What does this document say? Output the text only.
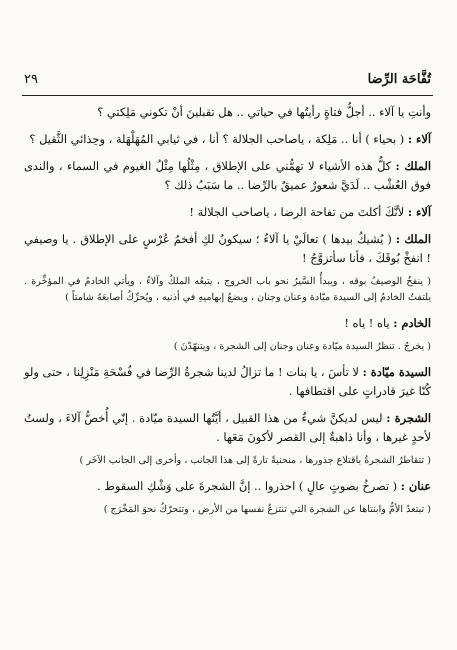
٢٩	تُفَّاحَة الرِّضا

وأنتِ يا آلاء .. أجلُّ فتاةٍ رأيتُها في حياتي .. هل تقبلينَ أنْ تكوني مَلِكتي ؟

آلاء : ( بحياء ) أنا .. مَلِكة ، ياصاحب الجلالة ؟ أنا ، في ثيابي المُهَلْهَلة ، وحِذائي الثَّقيل ؟

الملك : كلُّ هذه الأشياء لا تهمُّني على الإطلاق ، مِثْلُها مِثْلُ الغيوم في السماء ، والندى فوق العُشْب .. لَدَيَّ شعورٌ عميقٌ بالرِّضا .. ما سَبَبُ ذلك ؟

آلاء : لأنَّكَ أكلتَ من تفاحة الرضا ، ياصاحب الجلالة !

الملك : ( يُشيكُ بيدها ) تعالَيْ يا آلاءُ ؛ سيكونُ لكِ أفخمُ عُرْسٍ على الإطلاق . يا وصيفي ! انفخْ بُوقَكَ ، فأنا سأتزوَّجُ !

( ينفخُ الوصيفُ بوقه ، ويبدأُ السَّيرُ نحو باب الخروج ، يتبعُه الملكُ وآلاءُ ، ويأتي الخادمُ في المؤخِّرة . يلتفتُ الخادمُ إلى السيدة ميّادة وعنان وجنان ، ويضعُ إبهاميهِ في أذنيه ، ويُحرِّكُ أصابعَهُ شامتاً )

الخادم : ياه ! ياه !

( يخرجُ . تنظرُ السيدة ميّادة وعنان وجنان إلى الشجرة ، ويتنهّدْنَ )

السيدة ميّادة : لا تأسَ ، يا بنات ! ما تزالُ لدينا شجرةُ الرِّضا في فُسْحَةِ مَنْزِلِنا ، حتى ولو كُنّا غيرَ قادراتٍ على اقتطافها .

الشجرة : ليس لديكنَّ شيءٌ من هذا القبيل ، أيَّتُها السيدة ميّادة . إنّي أُخصُّ آلاءَ ، ولستُ لأحدٍ غيرها ، وأنا ذاهبةٌ إلى القصر لأكونَ مَعَها .

( تتقاطرُ الشجرةُ باقتلاع جذورها ، منحنيةً تارةً إلى هذا الجانب ، وأخرى إلى الجانب الآخَر )

عنان : ( تصرخُ بصوتٍ عالٍ ) احذروا .. إنَّ الشجرةَ على وَشْكِ السقوط .

( تبتعدُ الأمُّ وابنتاها عن الشجرة التي تنتزعُ نفسها من الأرض ، وتتحرّكُ نحوَ المَخْرَج )
